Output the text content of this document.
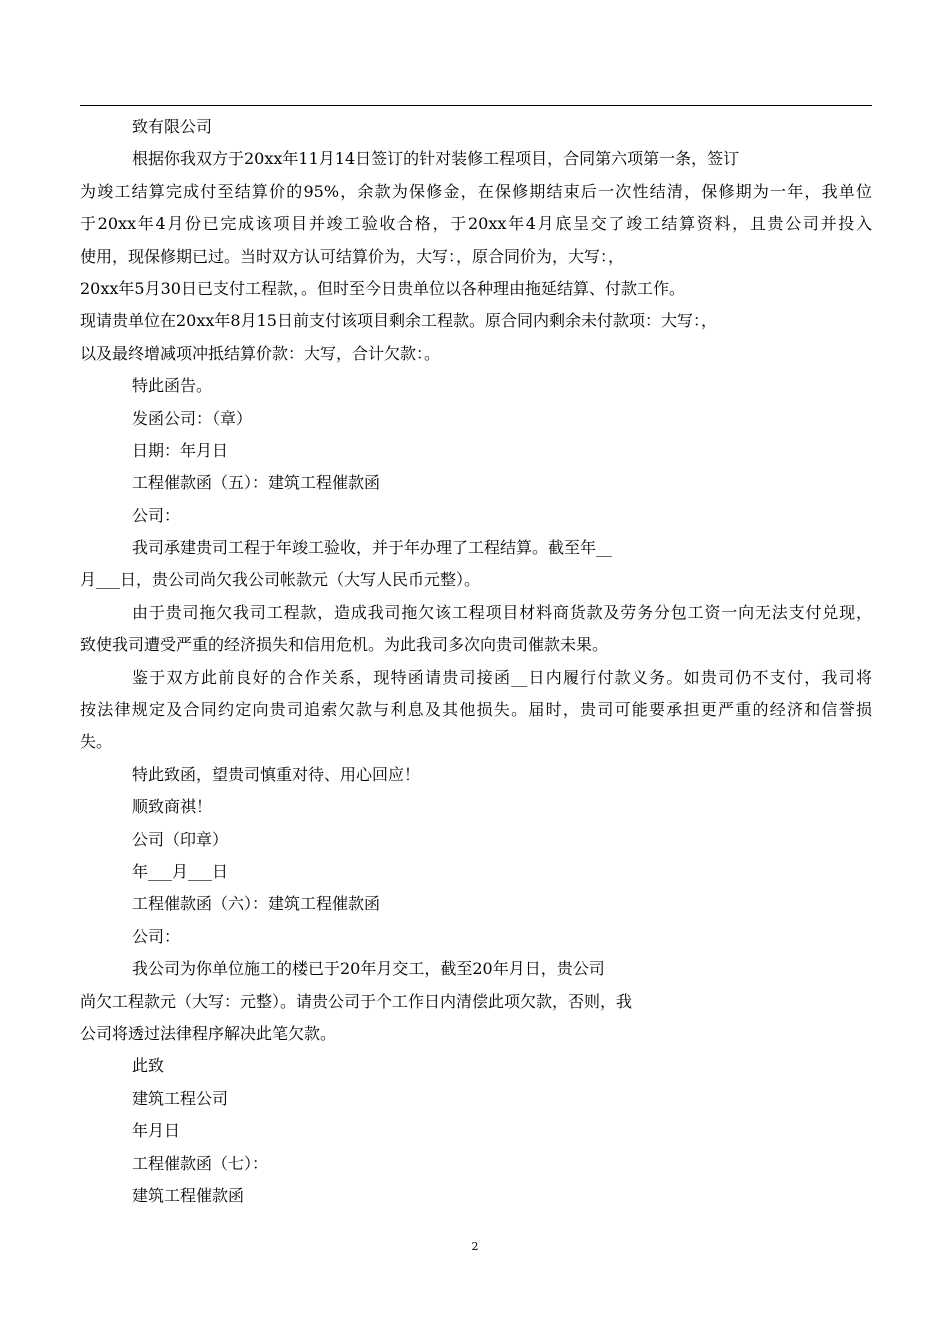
致有限公司
根据你我双方于20xx年11月14日签订的针对装修工程项目，合同第六项第一条，签订
为竣工结算完成付至结算价的95%，余款为保修金，在保修期结束后一次性结清，保修期为一年，我单位
于20xx年4月份已完成该项目并竣工验收合格，于20xx年4月底呈交了竣工结算资料，且贵公司并投入
使用，现保修期已过。当时双方认可结算价为，大写：，原合同价为，大写：，
20xx年5月30日已支付工程款，。但时至今日贵单位以各种理由拖延结算、付款工作。
现请贵单位在20xx年8月15日前支付该项目剩余工程款。原合同内剩余未付款项：大写：，
以及最终增减项冲抵结算价款：大写，合计欠款：。
特此函告。
发函公司：（章）
日期：年月日
工程催款函（五）：建筑工程催款函
公司：
我司承建贵司工程于年竣工验收，并于年办理了工程结算。截至年__
月___日，贵公司尚欠我公司帐款元（大写人民币元整）。
由于贵司拖欠我司工程款，造成我司拖欠该工程项目材料商货款及劳务分包工资一向无法支付兑现，
致使我司遭受严重的经济损失和信用危机。为此我司多次向贵司催款未果。
鉴于双方此前良好的合作关系，现特函请贵司接函__日内履行付款义务。如贵司仍不支付，我司将
按法律规定及合同约定向贵司追索欠款与利息及其他损失。届时，贵司可能要承担更严重的经济和信誉损
失。
特此致函，望贵司慎重对待、用心回应！
顺致商祺！
公司（印章）
年___月___日
工程催款函（六）：建筑工程催款函
公司：
我公司为你单位施工的楼已于20年月交工，截至20年月日，贵公司
尚欠工程款元（大写：元整）。请贵公司于个工作日内清偿此项欠款，否则，我
公司将透过法律程序解决此笔欠款。
此致
建筑工程公司
年月日
工程催款函（七）：
建筑工程催款函
2
